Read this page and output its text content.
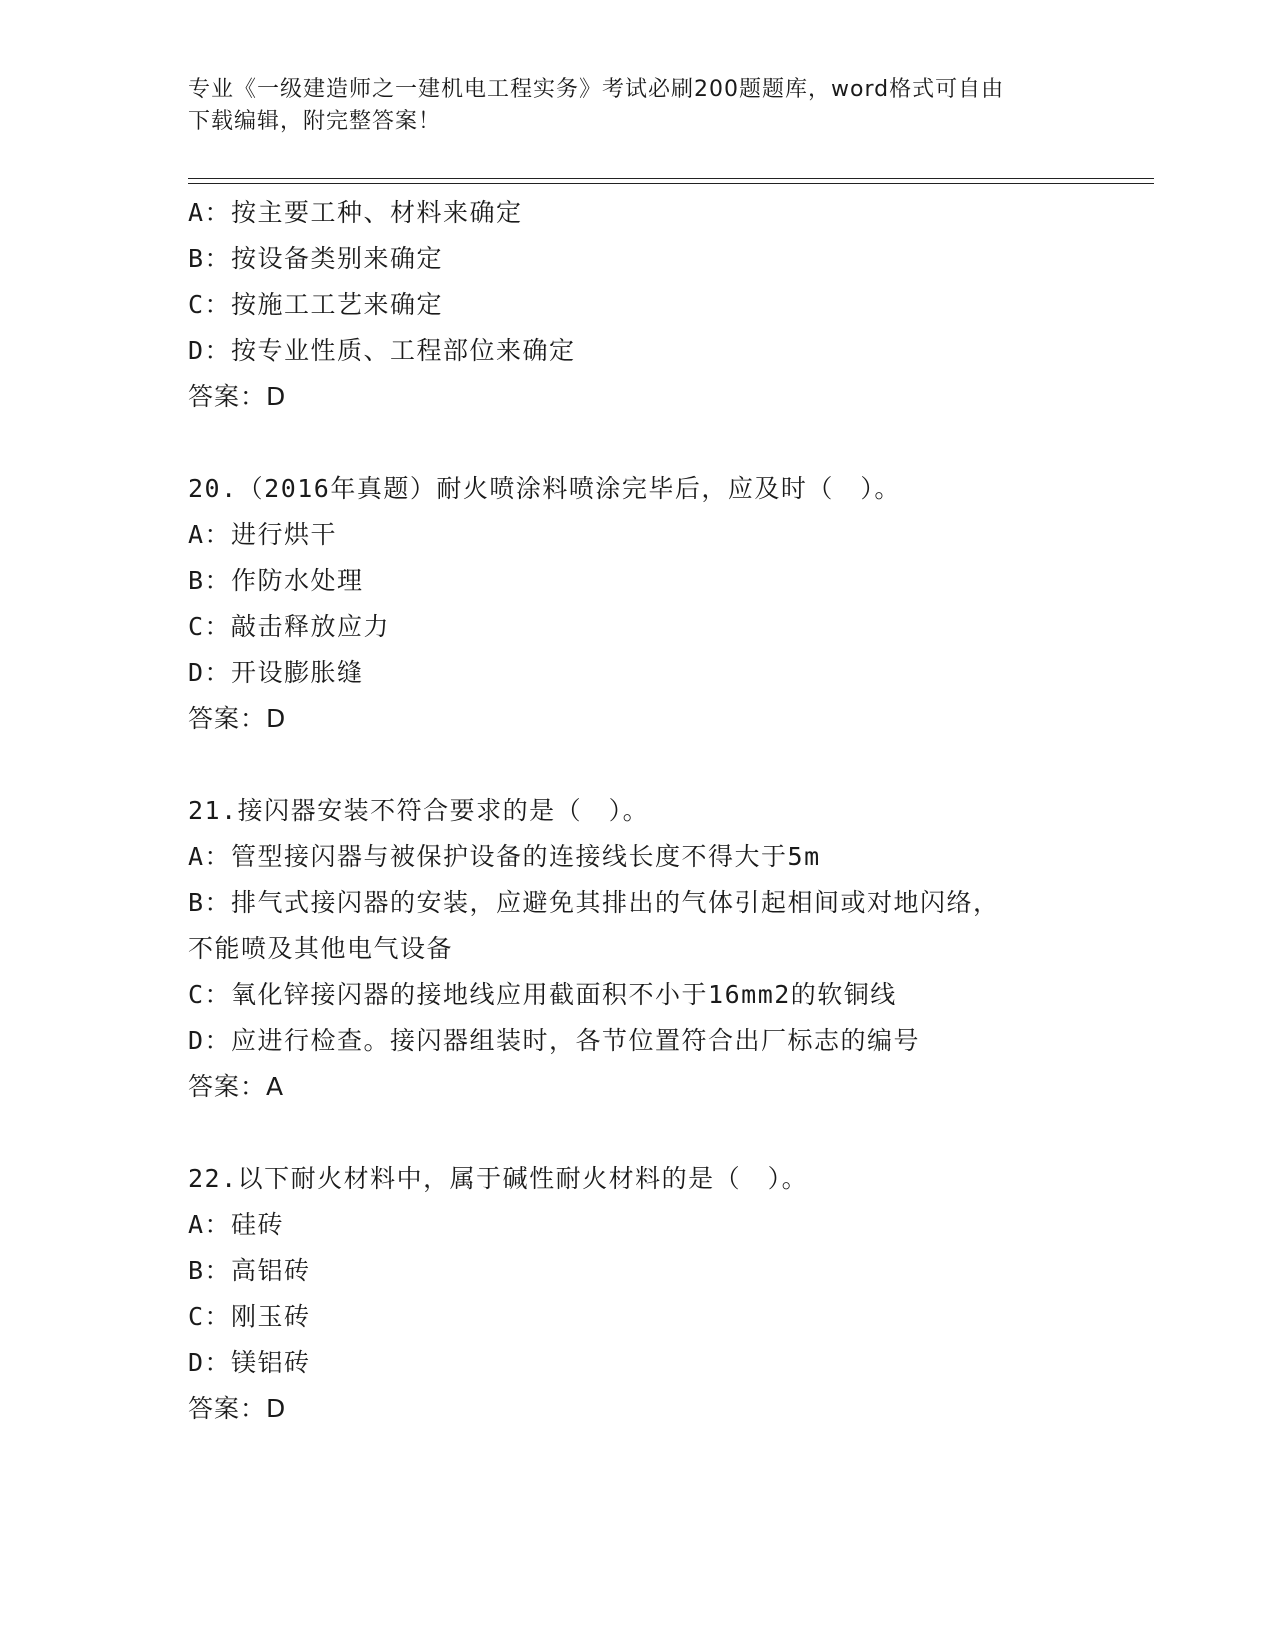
专业《一级建造师之一建机电工程实务》考试必刷200题题库，word格式可自由
下载编辑，附完整答案！
A：按主要工种、材料来确定
B：按设备类别来确定
C：按施工工艺来确定
D：按专业性质、工程部位来确定
答案：D
20.（2016年真题）耐火喷涂料喷涂完毕后，应及时（　）。
A：进行烘干
B：作防水处理
C：敲击释放应力
D：开设膨胀缝
答案：D
21.接闪器安装不符合要求的是（　）。
A：管型接闪器与被保护设备的连接线长度不得大于5m
B：排气式接闪器的安装，应避免其排出的气体引起相间或对地闪络，
不能喷及其他电气设备
C：氧化锌接闪器的接地线应用截面积不小于16mm2的软铜线
D：应进行检查。接闪器组装时，各节位置符合出厂标志的编号
答案：A
22.以下耐火材料中，属于碱性耐火材料的是（　）。
A：硅砖
B：高铝砖
C：刚玉砖
D：镁铝砖
答案：D
